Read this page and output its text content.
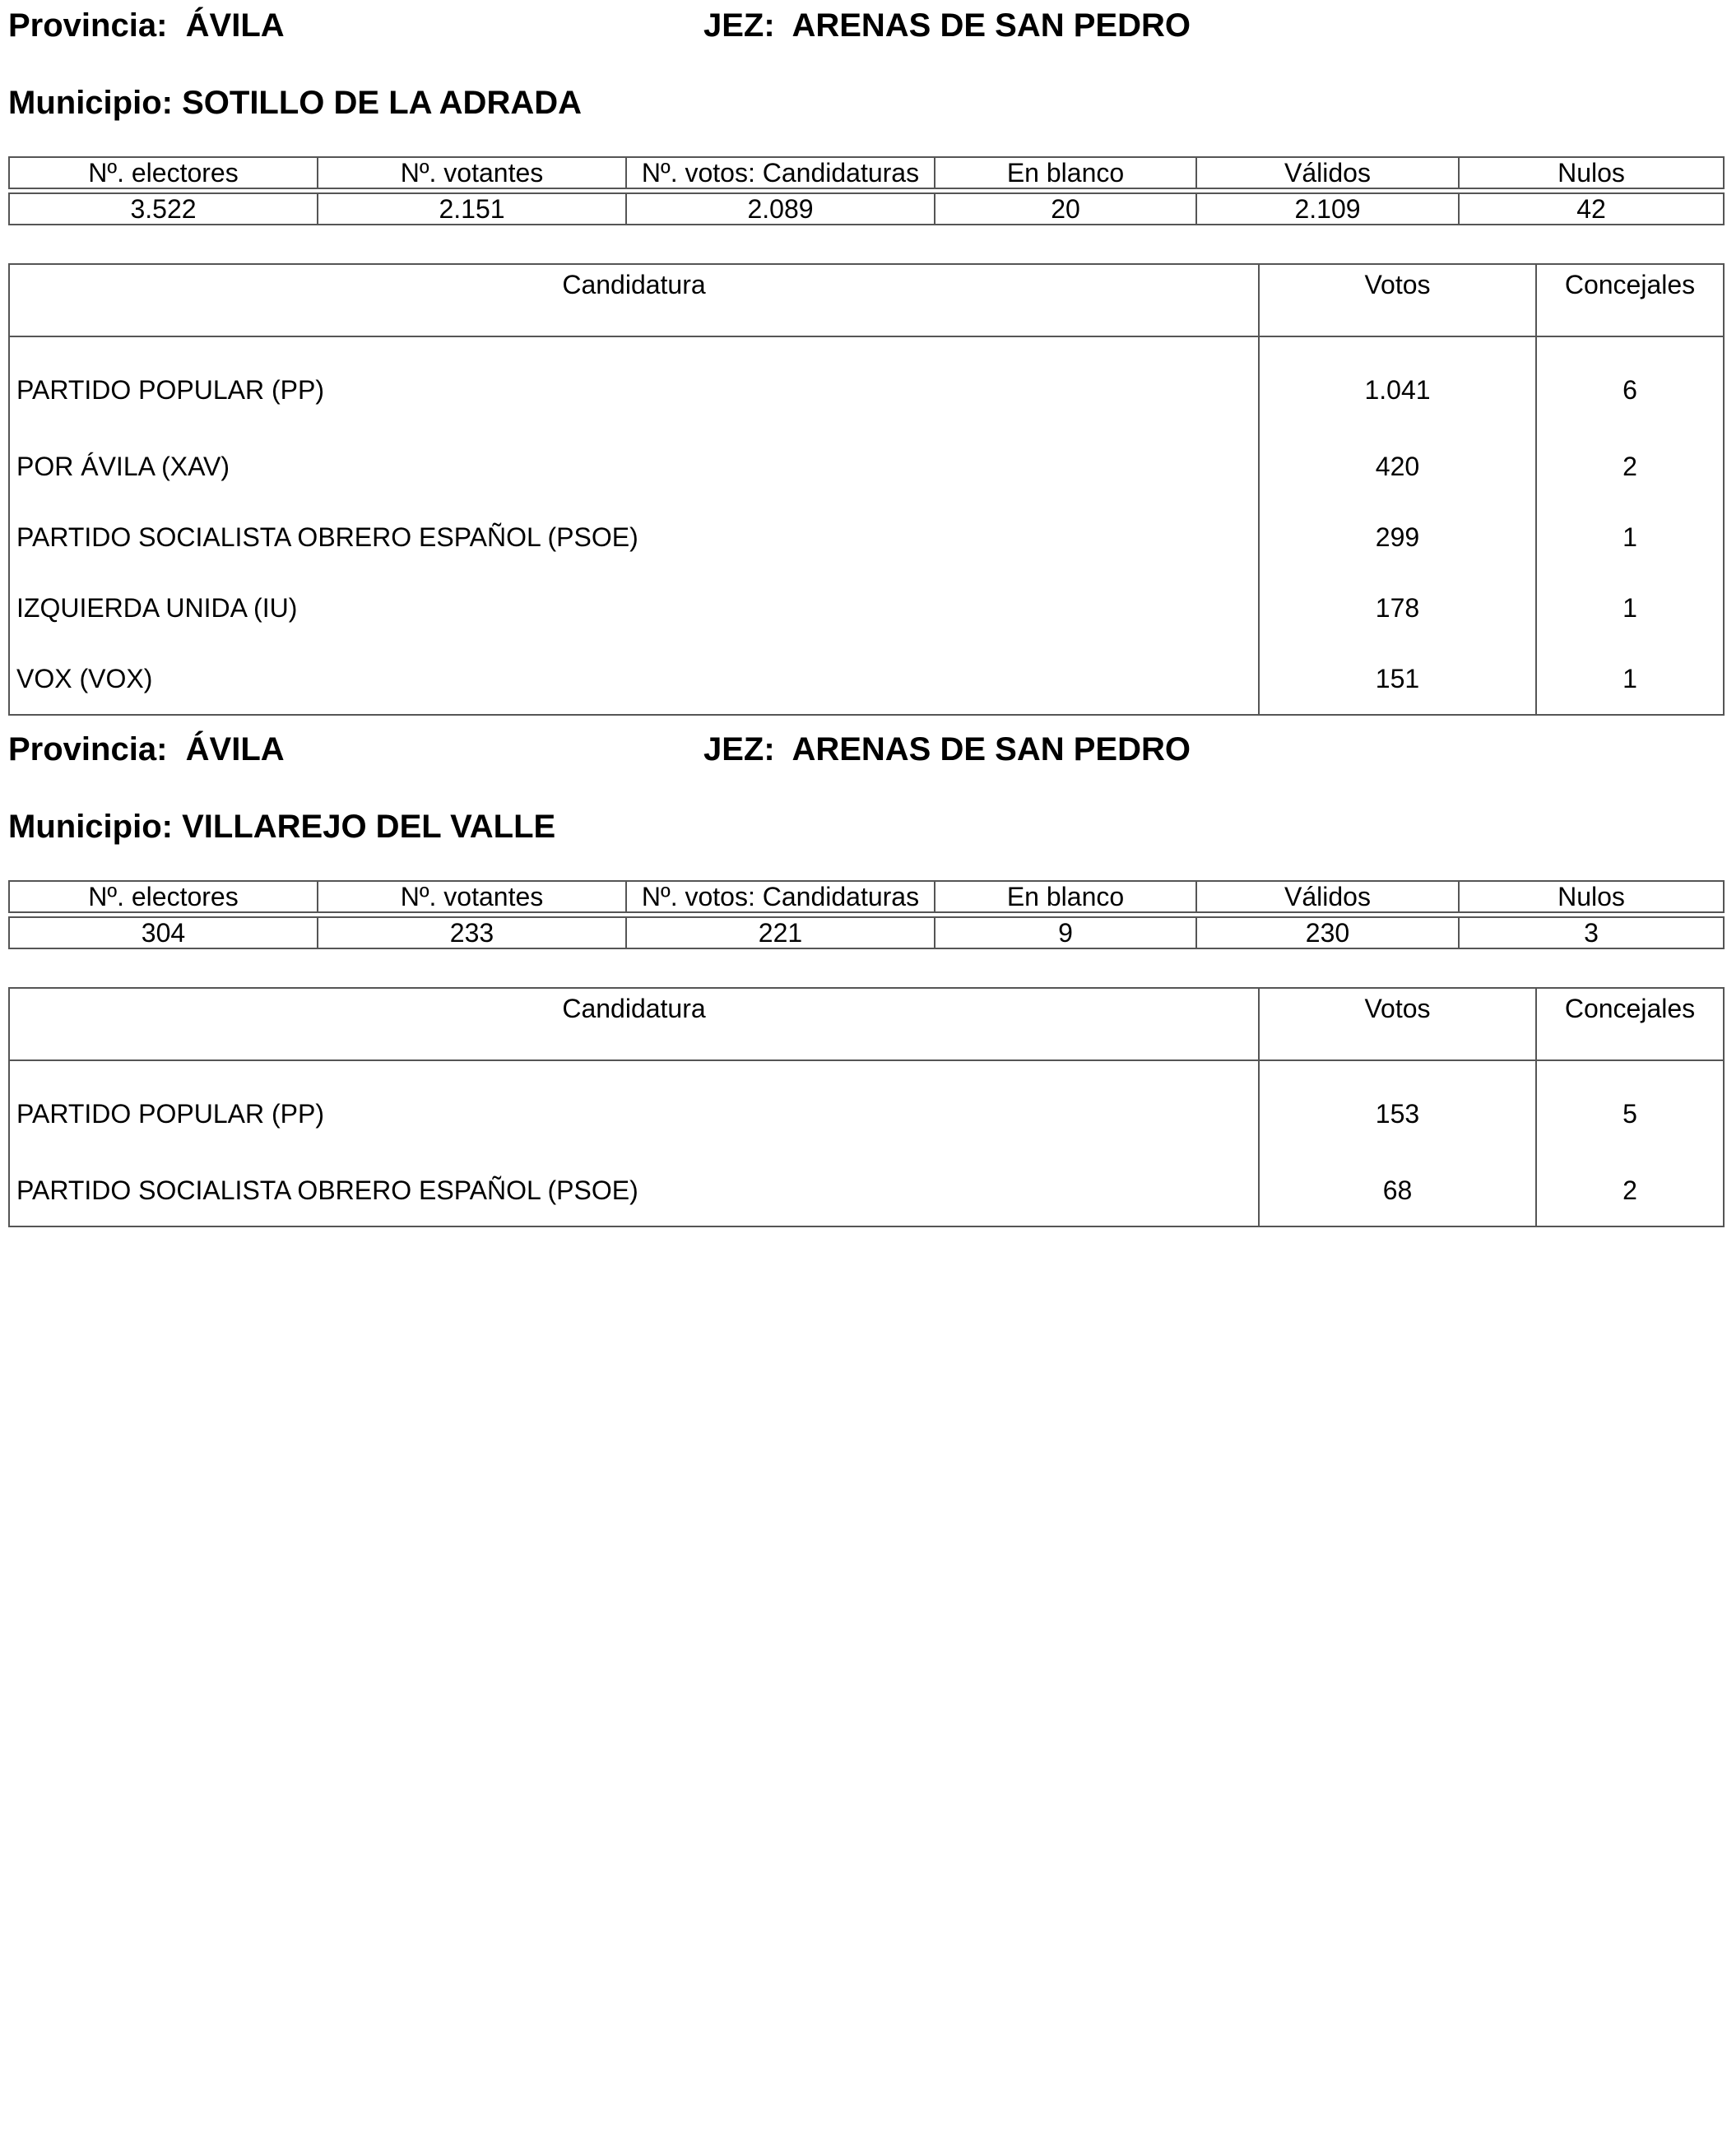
Provincia: ÁVILA	JEZ: ARENAS DE SAN PEDRO
Municipio: SOTILLO DE LA ADRADA
Nº. electores	Nº. votantes	Nº. votos: Candidaturas	En blanco	Válidos	Nulos

3.522	2.151	2.089	20	2.109	42
Candidatura	Votos	Concejales
PARTIDO POPULAR (PP)	1.041	6
POR ÁVILA (XAV)	420	2
PARTIDO SOCIALISTA OBRERO ESPAÑOL (PSOE)	299	1
IZQUIERDA UNIDA (IU)	178	1
VOX (VOX)	151	1
Provincia: ÁVILA	JEZ: ARENAS DE SAN PEDRO
Municipio: VILLAREJO DEL VALLE
Nº. electores	Nº. votantes	Nº. votos: Candidaturas	En blanco	Válidos	Nulos

304	233	221	9	230	3
Candidatura	Votos	Concejales
PARTIDO POPULAR (PP)	153	5
PARTIDO SOCIALISTA OBRERO ESPAÑOL (PSOE)	68	2
